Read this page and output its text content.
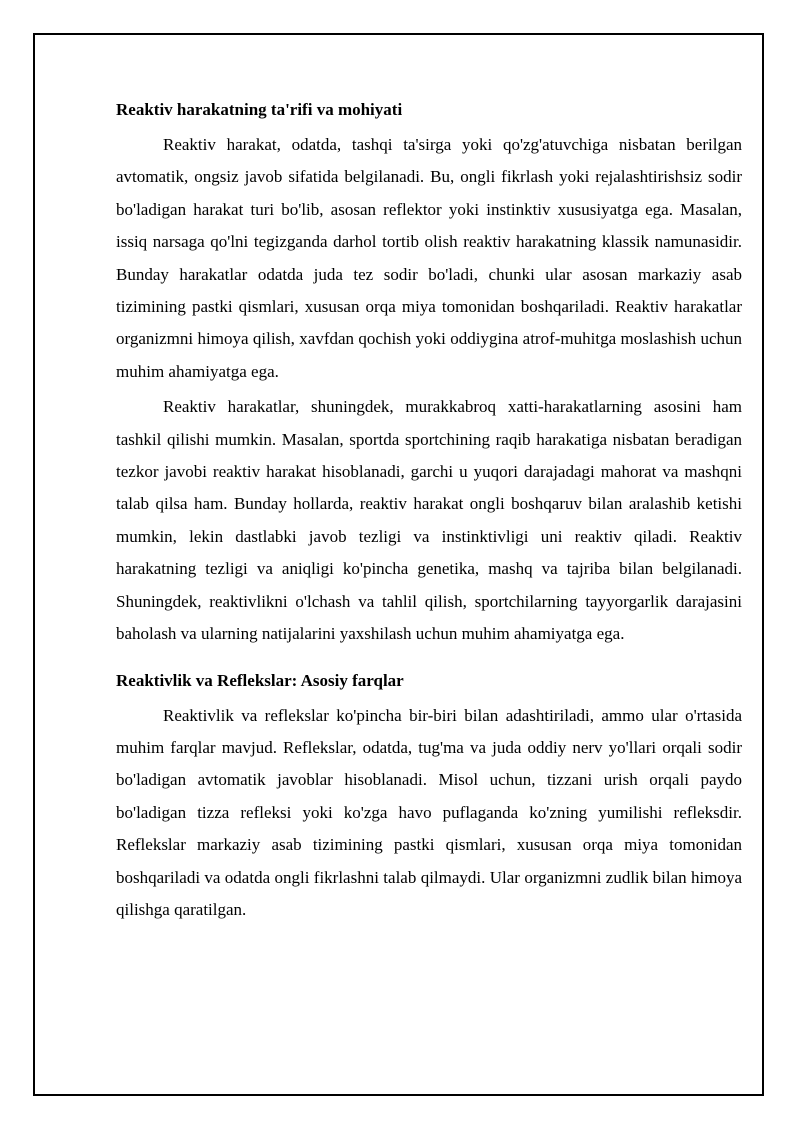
Reaktiv harakatning ta'rifi va mohiyati

Reaktiv harakat, odatda, tashqi ta'sirga yoki qo'zg'atuvchiga nisbatan berilgan avtomatik, ongsiz javob sifatida belgilanadi. Bu, ongli fikrlash yoki rejalashtirishsiz sodir bo'ladigan harakat turi bo'lib, asosan reflektor yoki instinktiv xususiyatga ega. Masalan, issiq narsaga qo'lni tegizganda darhol tortib olish reaktiv harakatning klassik namunasidir. Bunday harakatlar odatda juda tez sodir bo'ladi, chunki ular asosan markaziy asab tizimining pastki qismlari, xususan orqa miya tomonidan boshqariladi. Reaktiv harakatlar organizmni himoya qilish, xavfdan qochish yoki oddiygina atrof-muhitga moslashish uchun muhim ahamiyatga ega.

Reaktiv harakatlar, shuningdek, murakkabroq xatti-harakatlarning asosini ham tashkil qilishi mumkin. Masalan, sportda sportchining raqib harakatiga nisbatan beradigan tezkor javobi reaktiv harakat hisoblanadi, garchi u yuqori darajadagi mahorat va mashqni talab qilsa ham. Bunday hollarda, reaktiv harakat ongli boshqaruv bilan aralashib ketishi mumkin, lekin dastlabki javob tezligi va instinktivligi uni reaktiv qiladi. Reaktiv harakatning tezligi va aniqligi ko'pincha genetika, mashq va tajriba bilan belgilanadi. Shuningdek, reaktivlikni o'lchash va tahlil qilish, sportchilarning tayyorgarlik darajasini baholash va ularning natijalarini yaxshilash uchun muhim ahamiyatga ega.

Reaktivlik va Reflekslar: Asosiy farqlar

Reaktivlik va reflekslar ko'pincha bir-biri bilan adashtiriladi, ammo ular o'rtasida muhim farqlar mavjud. Reflekslar, odatda, tug'ma va juda oddiy nerv yo'llari orqali sodir bo'ladigan avtomatik javoblar hisoblanadi. Misol uchun, tizzani urish orqali paydo bo'ladigan tizza refleksi yoki ko'zga havo puflaganda ko'zning yumilishi refleksdir. Reflekslar markaziy asab tizimining pastki qismlari, xususan orqa miya tomonidan boshqariladi va odatda ongli fikrlashni talab qilmaydi. Ular organizmni zudlik bilan himoya qilishga qaratilgan.
